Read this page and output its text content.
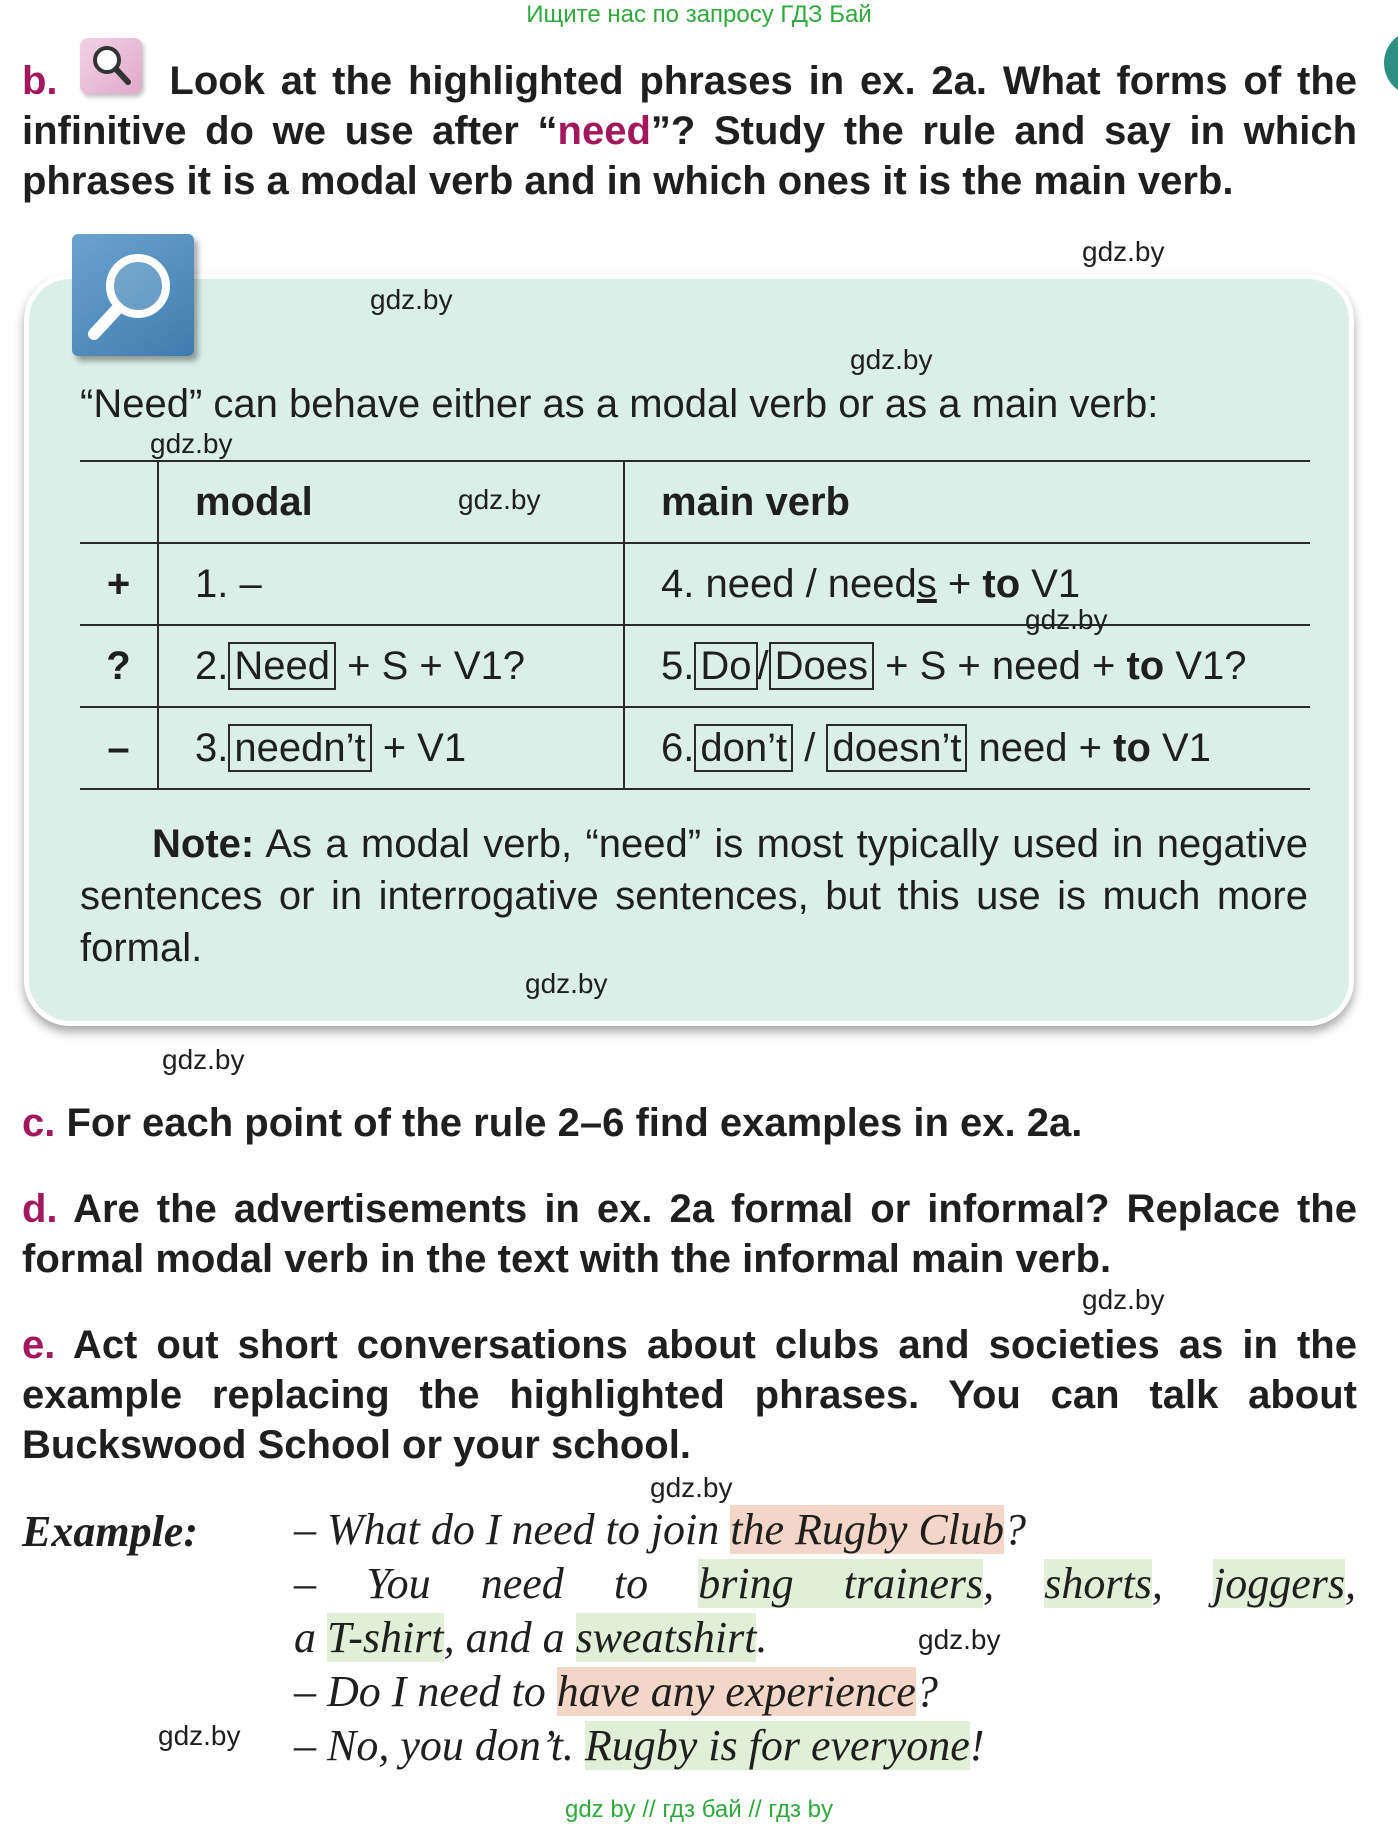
Ищите нас по запросу ГДЗ Бай
b. Look at the highlighted phrases in ex. 2a. What forms of the infinitive do we use after “need”? Study the rule and say in which phrases it is a modal verb and in which ones it is the main verb.
“Need” can behave either as a modal verb or as a main verb:
	modal	main verb
+	1. –	4. need / needs + to V1
?	2. Need + S + V1?	5. Do / Does + S + need + to V1?
–	3. needn’t + V1	6. don’t / doesn’t need + to V1
Note: As a modal verb, “need” is most typically used in negative sentences or in interrogative sentences, but this use is much more formal.
c. For each point of the rule 2–6 find examples in ex. 2a.
d. Are the advertisements in ex. 2a formal or informal? Replace the formal modal verb in the text with the informal main verb.
e. Act out short conversations about clubs and societies as in the example replacing the highlighted phrases. You can talk about Buckswood School or your school.
Example: – What do I need to join the Rugby Club?
– You need to bring trainers, shorts, joggers,
a T-shirt, and a sweatshirt.
– Do I need to have any experience?
– No, you don’t. Rugby is for everyone!
gdz.by
gdz.by
gdz.by
gdz.by
gdz.by
gdz.by
gdz.by
gdz.by
gdz.by
gdz.by
gdz.by
gdz.by
gdz by // гдз бай // гдз by
